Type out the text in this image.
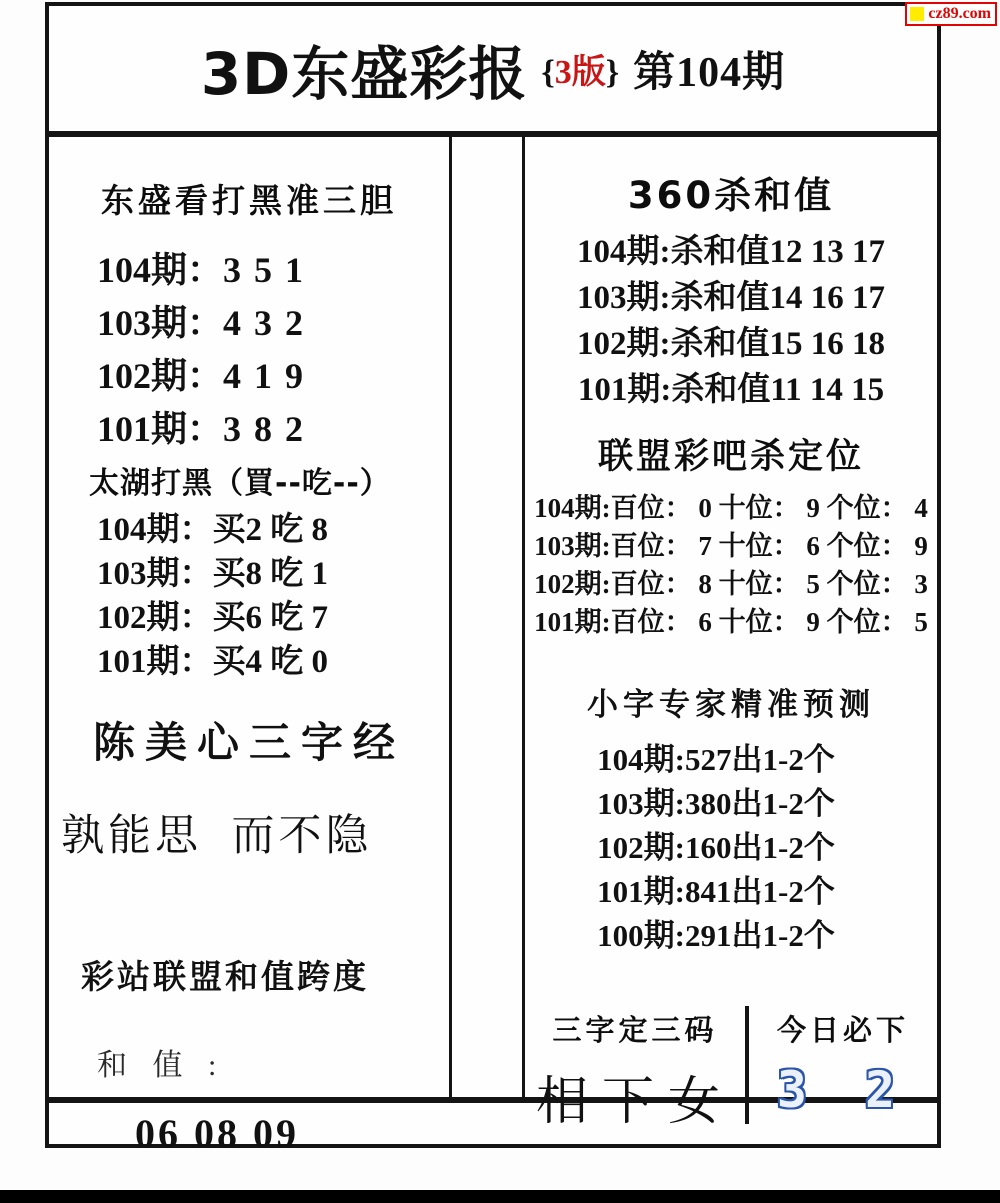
cz89.com
3D东盛彩报 {3版} 第104期
东盛看打黑准三胆
104期：3 5 1
103期：4 3 2
102期：4 1 9
101期：3 8 2
太湖打黑（買--吃--）
104期：买2 吃 8
103期：买8 吃 1
102期：买6 吃 7
101期：买4 吃 0
陈美心三字经
孰能思  而不隐
彩站联盟和值跨度
和 值 :
06 08 09
360杀和值
104期:杀和值12 13 17
103期:杀和值14 16 17
102期:杀和值15 16 18
101期:杀和值11 14 15
联盟彩吧杀定位
104期:百位： 0 十位： 9 个位： 4
103期:百位： 7 十位： 6 个位： 9
102期:百位： 8 十位： 5 个位： 3
101期:百位： 6 十位： 9 个位： 5
小字专家精准预测
104期:527出1-2个
103期:380出1-2个
102期:160出1-2个
101期:841出1-2个
100期:291出1-2个
三字定三码
相下女
今日必下
3 2
